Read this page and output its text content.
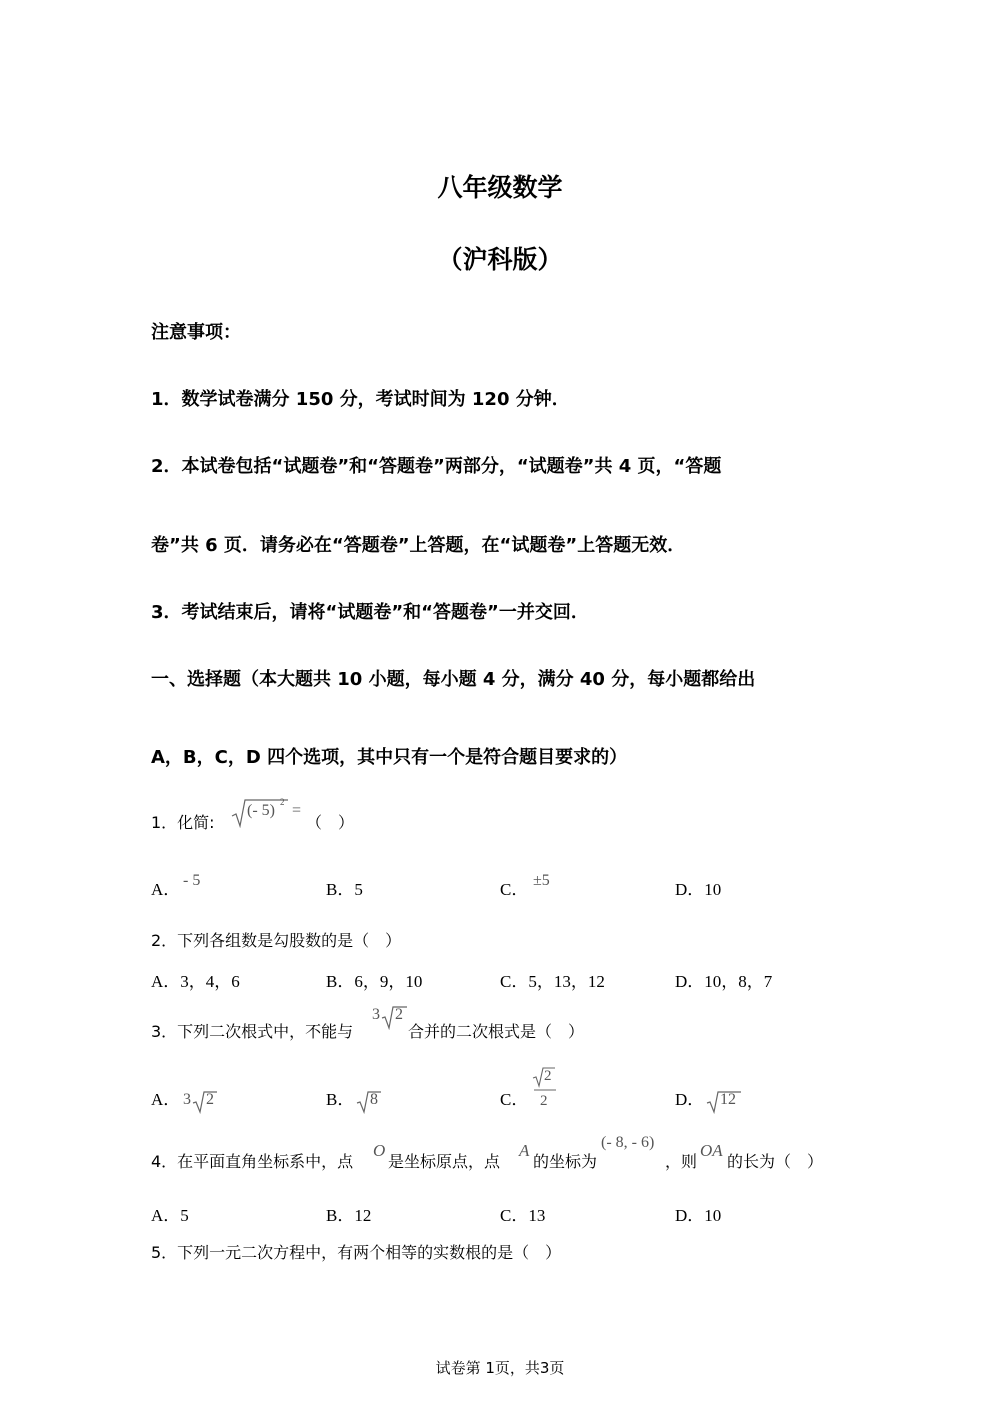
八年级数学
（沪科版）
注意事项：
1．数学试卷满分 150 分，考试时间为 120 分钟．
2．本试卷包括“试题卷”和“答题卷”两部分，“试题卷”共 4 页，“答题
卷”共 6 页．请务必在“答题卷”上答题，在“试题卷”上答题无效．
3．考试结束后，请将“试题卷”和“答题卷”一并交回．
一、选择题（本大题共 10 小题，每小题 4 分，满分 40 分，每小题都给出
A，B，C，D 四个选项，其中只有一个是符合题目要求的）
1．化简:
(- 5) 2 =
（　）
A． - 5	B．5	C． ±5	D．10
2．下列各组数是勾股数的是（　）
A．3，4，6	B．6，9，10	C．5，13，12	D．10，8，7
3．下列二次根式中，不能与
3 2
合并的二次根式是（　）
A． 3 2	B． 8	C．
2
2	D． 12
4．在平面直角坐标系中，点
O
是坐标原点，点
A
的坐标为
(- 8, - 6)
，则
OA
的长为（　）
A．5	B．12	C．13	D．10
5．下列一元二次方程中，有两个相等的实数根的是（　）
试卷第 1页，共3页
